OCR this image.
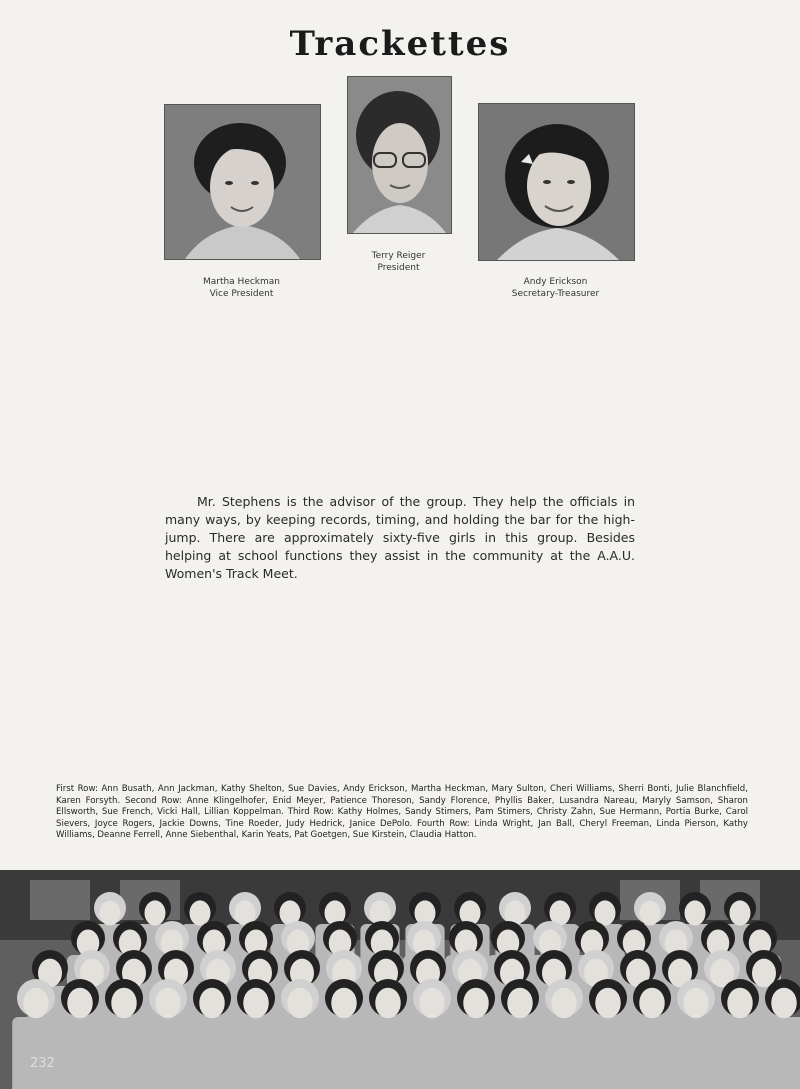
Trackettes
Martha Heckman
Vice President
Terry Reiger
President
Andy Erickson
Secretary-Treasurer

Mr. Stephens is the advisor of the group. They help the officials in many ways, by keeping records, timing, and holding the bar for the high-jump. There are approximately sixty-five girls in this group. Besides helping at school functions they assist in the community at the A.A.U. Women's Track Meet.

First Row: Ann Busath, Ann Jackman, Kathy Shelton, Sue Davies, Andy Erickson, Martha Heckman, Mary Sulton, Cheri Williams, Sherri Bonti, Julie Blanchfield, Karen Forsyth. Second Row: Anne Klingelhofer, Enid Meyer, Patience Thoreson, Sandy Florence, Phyllis Baker, Lusandra Nareau, Maryly Samson, Sharon Ellsworth, Sue French, Vicki Hall, Lillian Koppelman. Third Row: Kathy Holmes, Sandy Stimers, Pam Stimers, Christy Zahn, Sue Hermann, Portia Burke, Carol Sievers, Joyce Rogers, Jackie Downs, Tine Roeder, Judy Hedrick, Janice DePolo. Fourth Row: Linda Wright, Jan Ball, Cheryl Freeman, Linda Pierson, Kathy Williams, Deanne Ferrell, Anne Siebenthal, Karin Yeats, Pat Goetgen, Sue Kirstein, Claudia Hatton.
232
